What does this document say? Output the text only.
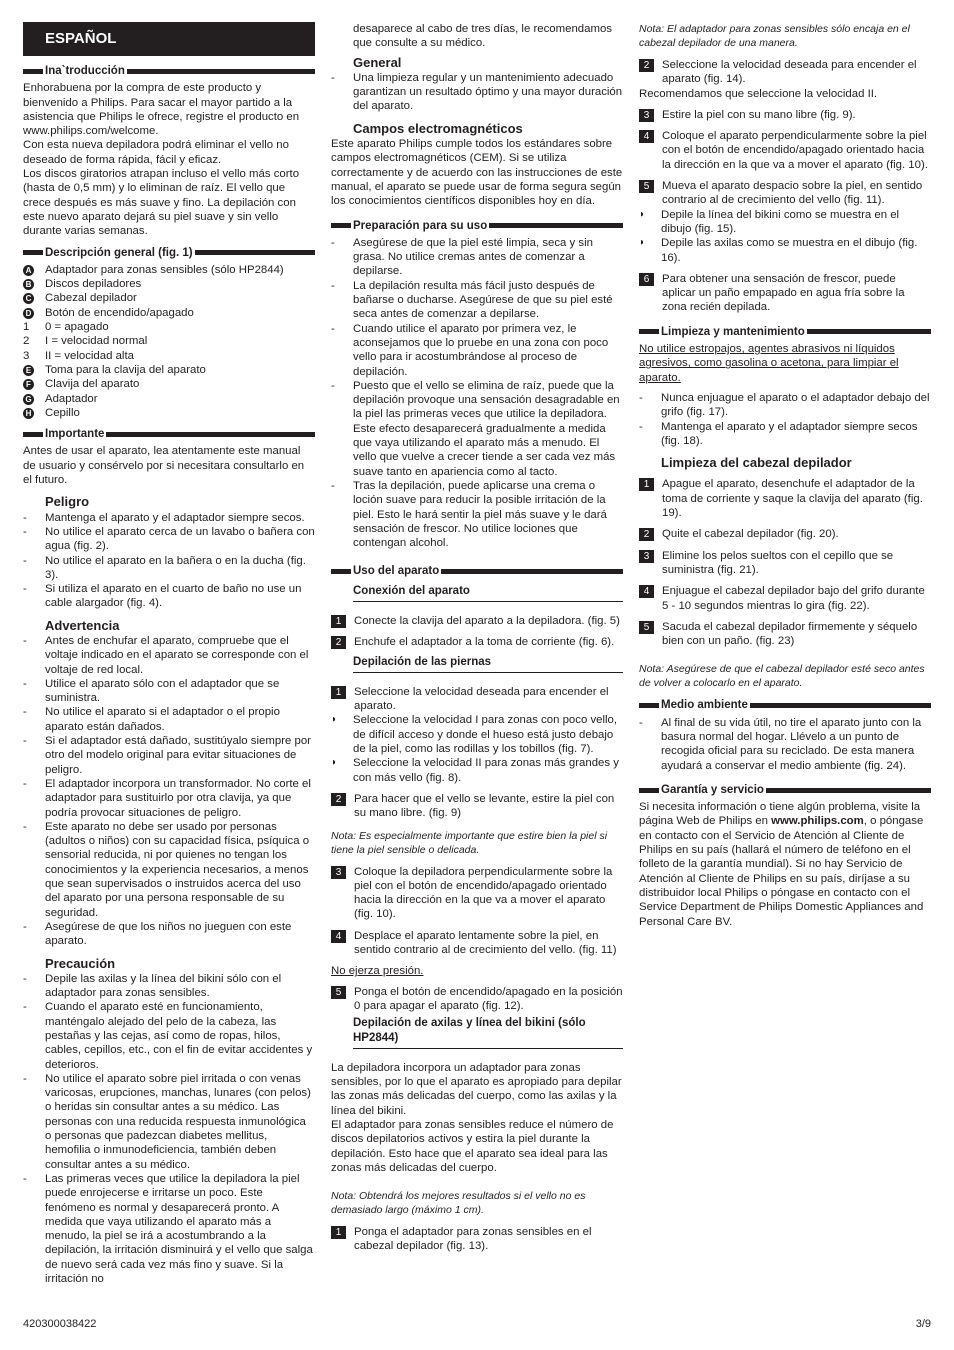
ESPAÑOL
Ina`troducción

Enhorabuena por la compra de este producto y bienvenido a Philips. Para sacar el mayor partido a la asistencia que Philips le ofrece, registre el producto en www.philips.com/welcome.

Con esta nueva depiladora podrá eliminar el vello no deseado de forma rápida, fácil y eficaz.

Los discos giratorios atrapan incluso el vello más corto (hasta de 0,5 mm) y lo eliminan de raíz. El vello que crece después es más suave y fino. La depilación con este nuevo aparato dejará su piel suave y sin vello durante varias semanas.

Descripción general (fig. 1)
A	Adaptador para zonas sensibles (sólo HP2844)
B	Discos depiladores
C	Cabezal depilador
D	Botón de encendido/apagado
1	0 = apagado
2	I = velocidad normal
3	II = velocidad alta
E	Toma para la clavija del aparato
F	Clavija del aparato
G	Adaptador
H	Cepillo
Importante

Antes de usar el aparato, lea atentamente este manual de usuario y consérvelo por si necesitara consultarlo en el futuro.

Peligro
-
Mantenga el aparato y el adaptador siempre secos.
-
No utilice el aparato cerca de un lavabo o bañera con agua (fig. 2).
-
No utilice el aparato en la bañera o en la ducha (fig. 3).
-
Si utiliza el aparato en el cuarto de baño no use un cable alargador (fig. 4).
Advertencia
-
Antes de enchufar el aparato, compruebe que el voltaje indicado en el aparato se corresponde con el voltaje de red local.
-
Utilice el aparato sólo con el adaptador que se suministra.
-
No utilice el aparato si el adaptador o el propio aparato están dañados.
-
Si el adaptador está dañado, sustitúyalo siempre por otro del modelo original para evitar situaciones de peligro.
-
El adaptador incorpora un transformador. No corte el adaptador para sustituirlo por otra clavija, ya que podría provocar situaciones de peligro.
-
Este aparato no debe ser usado por personas (adultos o niños) con su capacidad física, psíquica o sensorial reducida, ni por quienes no tengan los conocimientos y la experiencia necesarios, a menos que sean supervisados o instruidos acerca del uso del aparato por una persona responsable de su seguridad.
-
Asegúrese de que los niños no jueguen con este aparato.
Precaución
-
Depile las axilas y la línea del bikini sólo con el adaptador para zonas sensibles.
-
Cuando el aparato esté en funcionamiento, manténgalo alejado del pelo de la cabeza, las pestañas y las cejas, así como de ropas, hilos, cables, cepillos, etc., con el fin de evitar accidentes y deterioros.
-
No utilice el aparato sobre piel irritada o con venas varicosas, erupciones, manchas, lunares (con pelos) o heridas sin consultar antes a su médico. Las personas con una reducida respuesta inmunológica o personas que padezcan diabetes mellitus, hemofilia o inmunodeficiencia, también deben consultar antes a su médico.
-
Las primeras veces que utilice la depiladora la piel puede enrojecerse e irritarse un poco. Este fenómeno es normal y desaparecerá pronto. A medida que vaya utilizando el aparato más a menudo, la piel se irá a acostumbrando a la depilación, la irritación disminuirá y el vello que salga de nuevo será cada vez más fino y suave. Si la irritación no
desaparece al cabo de tres días, le recomendamos que consulte a su médico.
General
-
Una limpieza regular y un mantenimiento adecuado garantizan un resultado óptimo y una mayor duración del aparato.
Campos electromagnéticos

Este aparato Philips cumple todos los estándares sobre campos electromagnéticos (CEM). Si se utiliza correctamente y de acuerdo con las instrucciones de este manual, el aparato se puede usar de forma segura según los conocimientos científicos disponibles hoy en día.

Preparación para su uso
-
Asegúrese de que la piel esté limpia, seca y sin grasa. No utilice cremas antes de comenzar a depilarse.
-
La depilación resulta más fácil justo después de bañarse o ducharse. Asegúrese de que su piel esté seca antes de comenzar a depilarse.
-
Cuando utilice el aparato por primera vez, le aconsejamos que lo pruebe en una zona con poco vello para ir acostumbrándose al proceso de depilación.
-
Puesto que el vello se elimina de raíz, puede que la depilación provoque una sensación desagradable en la piel las primeras veces que utilice la depiladora. Este efecto desaparecerá gradualmente a medida que vaya utilizando el aparato más a menudo. El vello que vuelve a crecer tiende a ser cada vez más suave tanto en apariencia como al tacto.
-
Tras la depilación, puede aplicarse una crema o loción suave para reducir la posible irritación de la piel. Esto le hará sentir la piel más suave y le dará sensación de frescor. No utilice lociones que contengan alcohol.
Uso del aparato
Conexión del aparato
1	Conecte la clavija del aparato a la depiladora. (fig. 5)
2	Enchufe el adaptador a la toma de corriente (fig. 6).
Depilación de las piernas
1	Seleccione la velocidad deseada para encender el aparato.
◗	Seleccione la velocidad I para zonas con poco vello, de difícil acceso y donde el hueso está justo debajo de la piel, como las rodillas y los tobillos (fig. 7).
◗	Seleccione la velocidad II para zonas más grandes y con más vello (fig. 8).
2	Para hacer que el vello se levante, estire la piel con su mano libre. (fig. 9)

Nota: Es especialmente importante que estire bien la piel si tiene la piel sensible o delicada.

3	Coloque la depiladora perpendicularmente sobre la piel con el botón de encendido/apagado orientado hacia la dirección en la que va a mover el aparato (fig. 10).
4	Desplace el aparato lentamente sobre la piel, en sentido contrario al de crecimiento del vello. (fig. 11)

No ejerza presión.

5	Ponga el botón de encendido/apagado en la posición 0 para apagar el aparato (fig. 12).
Depilación de axilas y línea del bikini (sólo HP2844)

La depiladora incorpora un adaptador para zonas sensibles, por lo que el aparato es apropiado para depilar las zonas más delicadas del cuerpo, como las axilas y la línea del bikini.

El adaptador para zonas sensibles reduce el número de discos depilatorios activos y estira la piel durante la depilación. Esto hace que el aparato sea ideal para las zonas más delicadas del cuerpo.

Nota: Obtendrá los mejores resultados si el vello no es demasiado largo (máximo 1 cm).

1	Ponga el adaptador para zonas sensibles en el cabezal depilador (fig. 13).

Nota: El adaptador para zonas sensibles sólo encaja en el cabezal depilador de una manera.

2	Seleccione la velocidad deseada para encender el aparato (fig. 14).

Recomendamos que seleccione la velocidad II.

3	Estire la piel con su mano libre (fig. 9).
4	Coloque el aparato perpendicularmente sobre la piel con el botón de encendido/apagado orientado hacia la dirección en la que va a mover el aparato (fig. 10).
5	Mueva el aparato despacio sobre la piel, en sentido contrario al de crecimiento del vello (fig. 11).
◗	Depile la línea del bikini como se muestra en el dibujo (fig. 15).
◗	Depile las axilas como se muestra en el dibujo (fig. 16).
6	Para obtener una sensación de frescor, puede aplicar un paño empapado en agua fría sobre la zona recién depilada.
Limpieza y mantenimiento

No utilice estropajos, agentes abrasivos ni líquidos agresivos, como gasolina o acetona, para limpiar el aparato.

-
Nunca enjuague el aparato o el adaptador debajo del grifo (fig. 17).
-
Mantenga el aparato y el adaptador siempre secos (fig. 18).
Limpieza del cabezal depilador
1	Apague el aparato, desenchufe el adaptador de la toma de corriente y saque la clavija del aparato (fig. 19).
2	Quite el cabezal depilador (fig. 20).
3	Elimine los pelos sueltos con el cepillo que se suministra (fig. 21).
4	Enjuague el cabezal depilador bajo del grifo durante 5 - 10 segundos mientras lo gira (fig. 22).
5	Sacuda el cabezal depilador firmemente y séquelo bien con un paño. (fig. 23)

Nota: Asegúrese de que el cabezal depilador esté seco antes de volver a colocarlo en el aparato.

Medio ambiente
-
Al final de su vida útil, no tire el aparato junto con la basura normal del hogar. Llévelo a un punto de recogida oficial para su reciclado. De esta manera ayudará a conservar el medio ambiente (fig. 24).
Garantía y servicio

Si necesita información o tiene algún problema, visite la página Web de Philips en www.philips.com, o póngase en contacto con el Servicio de Atención al Cliente de Philips en su país (hallará el número de teléfono en el folleto de la garantía mundial). Si no hay Servicio de Atención al Cliente de Philips en su país, diríjase a su distribuidor local Philips o póngase en contacto con el Service Department de Philips Domestic Appliances and Personal Care BV.

420300038422	3/9
